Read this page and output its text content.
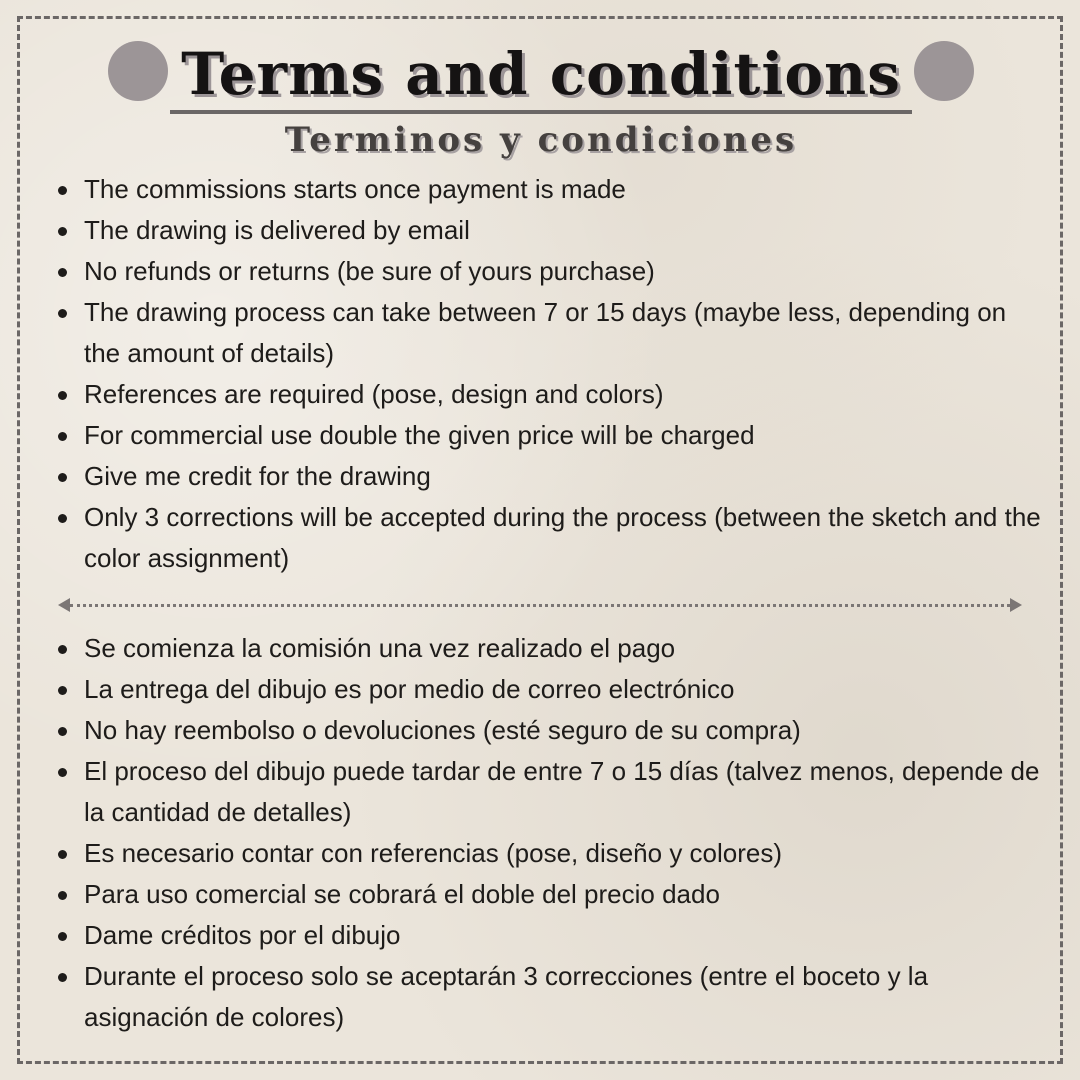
Terms and conditions
Terminos y condiciones
The commissions starts once payment is made
The drawing is delivered by email
No refunds or returns (be sure of yours purchase)
The drawing process can take between 7 or 15 days (maybe less, depending on the amount of details)
References are required (pose, design and colors)
For commercial use double the given price will be charged
Give me credit for the drawing
Only 3 corrections will be accepted during the process (between the sketch and the color assignment)
Se comienza la comisión una vez realizado el pago
La entrega del dibujo es por medio de correo electrónico
No hay reembolso o devoluciones (esté seguro de su compra)
El proceso del dibujo puede tardar de entre 7 o 15 días (talvez menos, depende de la cantidad de detalles)
Es necesario contar con referencias (pose, diseño y colores)
Para uso comercial se cobrará el doble del precio dado
Dame créditos por el dibujo
Durante el proceso solo se aceptarán 3 correcciones (entre el boceto y la asignación de colores)
